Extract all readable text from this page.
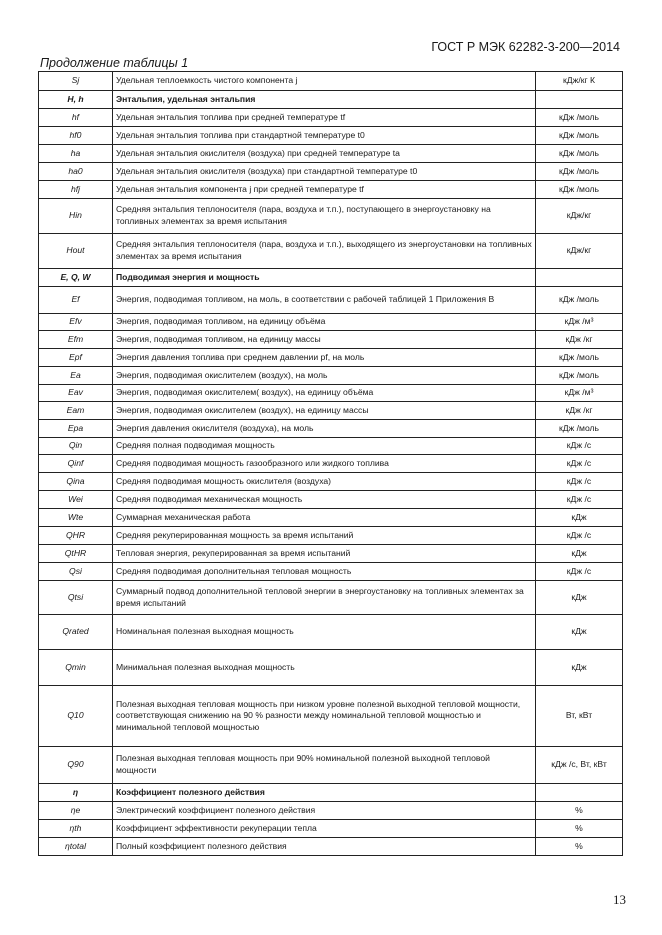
ГОСТ Р МЭК 62282-3-200—2014
Продолжение таблицы 1
Sj	Удельная теплоемкость чистого компонента j	кДж/кг К
H, h	Энтальпия, удельная энтальпия	
hf	Удельная энтальпия топлива при средней температуре tf	кДж /моль
hf0	Удельная энтальпия топлива при стандартной температуре t0	кДж /моль
ha	Удельная энтальпия окислителя (воздуха) при средней температуре ta	кДж /моль
ha0	Удельная энтальпия окислителя (воздуха) при стандартной температуре t0	кДж /моль
hfj	Удельная энтальпия компонента j при средней температуре tf	кДж /моль
Hin	Средняя энтальпия теплоносителя (пара, воздуха и т.п.), поступающего в энергоустановку на топливных элементах за время испытания	кДж/кг
Hout	Средняя энтальпия теплоносителя (пара, воздуха и т.п.), выходящего из энергоустановки на топливных элементах за время испытания	кДж/кг
E, Q, W	Подводимая энергия и мощность	
Ef	Энергия, подводимая топливом, на моль, в соответствии с рабочей таблицей 1 Приложения В	кДж /моль
Efv	Энергия, подводимая топливом, на единицу объёма	кДж /м³
Efm	Энергия, подводимая топливом, на единицу массы	кДж /кг
Epf	Энергия давления топлива при среднем давлении pf, на моль	кДж /моль
Ea	Энергия, подводимая окислителем (воздух), на моль	кДж /моль
Eav	Энергия, подводимая окислителем( воздух), на единицу объёма	кДж /м³
Eam	Энергия, подводимая окислителем (воздух), на единицу массы	кДж /кг
Epa	Энергия давления окислителя (воздуха), на моль	кДж /моль
Qin	Средняя полная подводимая мощность	кДж /с
Qinf	Средняя подводимая мощность газообразного или жидкого топлива	кДж /с
Qina	Средняя подводимая мощность окислителя (воздуха)	кДж /с
Wei	Средняя подводимая механическая мощность	кДж /с
Wte	Суммарная механическая работа	кДж
QHR	Средняя рекуперированная мощность за время испытаний	кДж /с
QtHR	Тепловая энергия, рекуперированная за время испытаний	кДж
Qsi	Средняя подводимая дополнительная тепловая мощность	кДж /с
Qtsi	Суммарный подвод дополнительной тепловой энергии в энергоустановку на топливных элементах за время испытаний	кДж
Qrated	Номинальная полезная выходная мощность	кДж
Qmin	Минимальная полезная выходная мощность	кДж
Q10	Полезная выходная тепловая мощность при низком уровне полезной выходной тепловой мощности, соответствующая снижению на 90 % разности между номинальной тепловой мощностью и минимальной тепловой мощностью	Вт, кВт
Q90	Полезная выходная тепловая мощность при 90% номинальной полезной выходной тепловой мощности	кДж /с, Вт, кВт
η	Коэффициент полезного действия	
ηe	Электрический коэффициент полезного действия	%
ηth	Коэффициент эффективности рекуперации тепла	%
ηtotal	Полный коэффициент полезного действия	%
13
